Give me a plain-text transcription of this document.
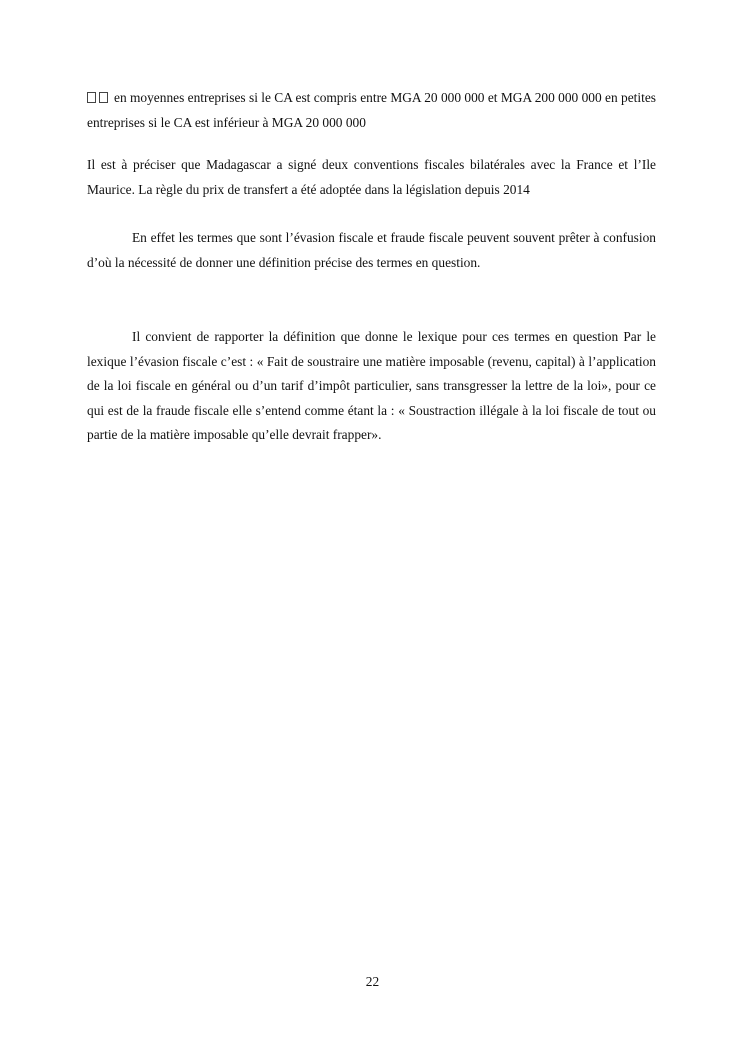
en moyennes entreprises si le CA est compris entre MGA 20 000 000 et MGA 200 000 000 en petites entreprises si le CA est inférieur à MGA 20 000 000

Il est à préciser que Madagascar a signé deux conventions fiscales bilatérales avec la France et l’Ile Maurice. La règle du prix de transfert a été adoptée dans la législation depuis 2014

En effet les termes que sont l’évasion fiscale et fraude fiscale peuvent souvent prêter à confusion d’où la nécessité de donner une définition précise des termes en question.

Il convient de rapporter la définition que donne le lexique pour ces termes en question Par le lexique l’évasion fiscale c’est : « Fait de soustraire une matière imposable (revenu, capital) à l’application de la loi fiscale en général ou d’un tarif d’impôt particulier, sans transgresser la lettre de la loi», pour ce qui est de la fraude fiscale elle s’entend comme étant la : « Soustraction illégale à la loi fiscale de tout ou partie de la matière imposable qu’elle devrait frapper».

22
